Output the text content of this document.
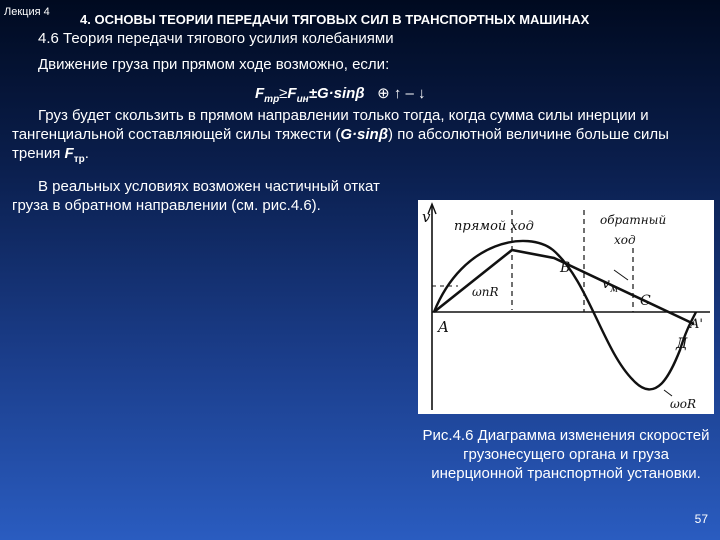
Лекция 4 4. ОСНОВЫ ТЕОРИИ ПЕРЕДАЧИ ТЯГОВЫХ СИЛ В ТРАНСПОРТНЫХ МАШИНАХ
4.6 Теория передачи тягового усилия колебаниями
Движение груза при прямом ходе возможно, если:
$F_{тр}\ge F_{ин}\pm G\cdot\sin\beta$ ⊕ ↑ – ↓
Груз будет скользить в прямом направлении только тогда, когда сумма силы инерции и тангенциальной составляющей силы тяжести (G·sinβ) по абсолютной величине больше силы трения $F_{тр}$.
В реальных условиях возможен частичный откат груза в обратном направлении (см. рис.4.6).
v
прямой ход	обратный
ход
A	A'
B
C
Д
$v_м$
ωпR
ωoR
Рис.4.6 Диаграмма изменения скоростей грузонесущего органа и груза инерционной транспортной установки.
57
